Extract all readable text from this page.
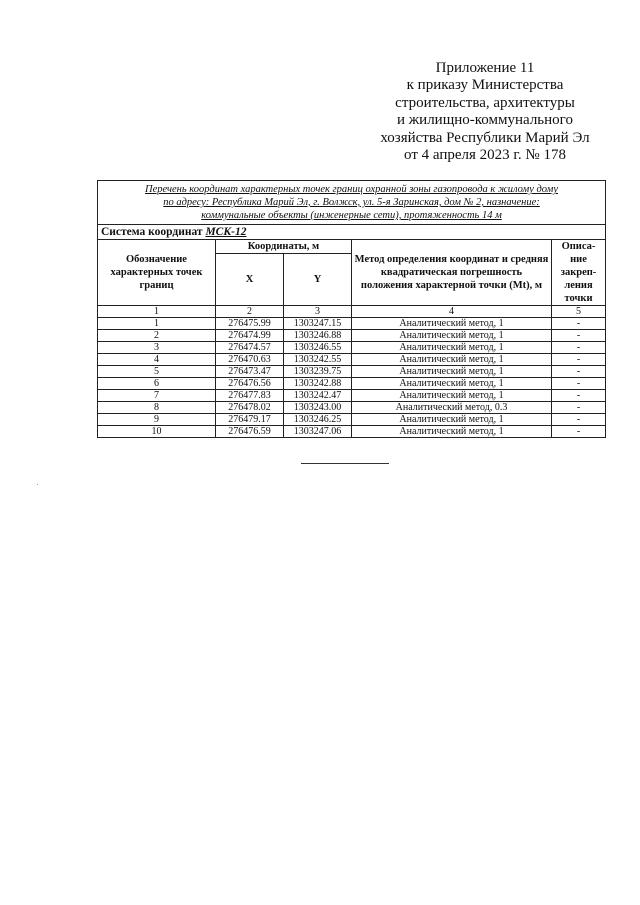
Приложение 11
к приказу Министерства
строительства, архитектуры
и жилищно-коммунального
хозяйства Республики Марий Эл
от 4 апреля 2023 г. № 178
Перечень координат характерных точек границ охранной зоны газопровода к жилому дому
по адресу: Республика Марий Эл, г. Волжск, ул. 5-я Заринская, дом № 2, назначение:
коммунальные объекты (инженерные сети), протяженность 14 м				

Система координат МСК-12				
Обозначение характерных точек границ	Координаты, м		Метод определения координат и средняя квадратическая погрешность положения характерной точки (Mt), м	Описа-ние закреп-ления точки
	X	Y		
1	2	3	4	5
1	276475.99	1303247.15	Аналитический метод, 1	-
2	276474.99	1303246.88	Аналитический метод, 1	-
3	276474.57	1303246.55	Аналитический метод, 1	-
4	276470.63	1303242.55	Аналитический метод, 1	-
5	276473.47	1303239.75	Аналитический метод, 1	-
6	276476.56	1303242.88	Аналитический метод, 1	-
7	276477.83	1303242.47	Аналитический метод, 1	-
8	276478.02	1303243.00	Аналитический метод, 0.3	-
9	276479.17	1303246.25	Аналитический метод, 1	-
10	276476.59	1303247.06	Аналитический метод, 1	-
